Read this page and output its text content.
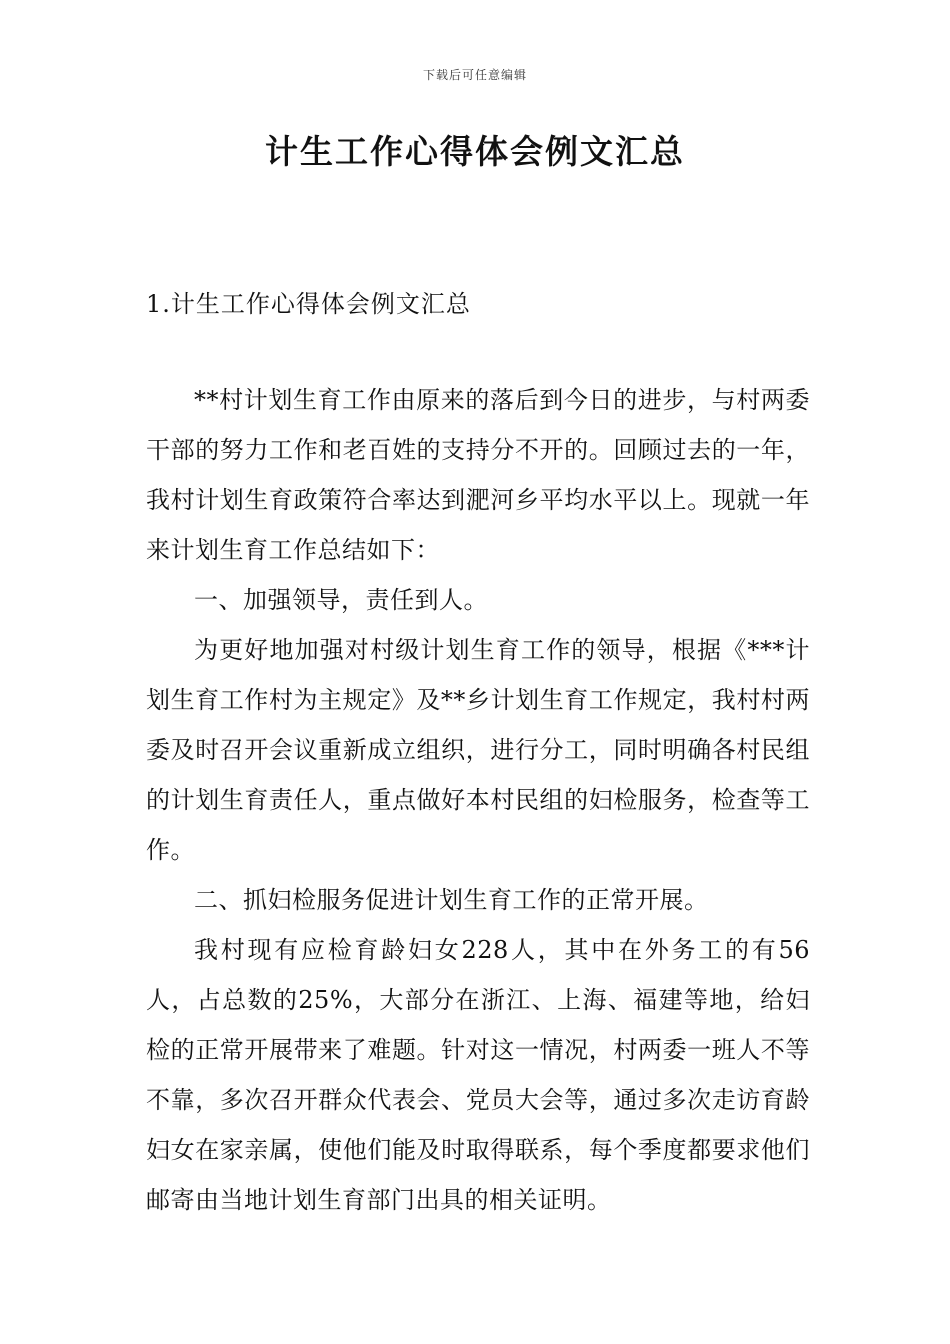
下载后可任意编辑
计生工作心得体会例文汇总
1.计生工作心得体会例文汇总

**村计划生育工作由原来的落后到今日的进步，与村两委干部的努力工作和老百姓的支持分不开的。回顾过去的一年，我村计划生育政策符合率达到淝河乡平均水平以上。现就一年来计划生育工作总结如下：

一、加强领导，责任到人。

为更好地加强对村级计划生育工作的领导，根据《***计划生育工作村为主规定》及**乡计划生育工作规定，我村村两委及时召开会议重新成立组织，进行分工，同时明确各村民组的计划生育责任人，重点做好本村民组的妇检服务，检查等工作。

二、抓妇检服务促进计划生育工作的正常开展。

我村现有应检育龄妇女228人，其中在外务工的有56人，占总数的25%，大部分在浙江、上海、福建等地，给妇检的正常开展带来了难题。针对这一情况，村两委一班人不等不靠，多次召开群众代表会、党员大会等，通过多次走访育龄妇女在家亲属，使他们能及时取得联系，每个季度都要求他们邮寄由当地计划生育部门出具的相关证明。
